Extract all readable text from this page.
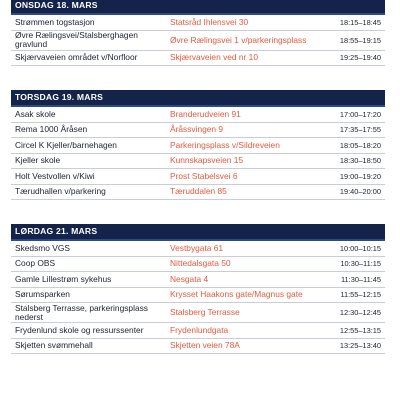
ONSDAG 18. MARS
Strømmen togstasjon	Statsråd Ihlensvei 30	18:15–18:45
Øvre Rælingsvei/Stalsberghagen gravlund	Øvre Rælingsvei 1 v/parkeringsplass	18:55–19:15
Skjærvaveien området v/Norfloor	Skjærvaveien ved nr 10	19:25–19:40
TORSDAG 19. MARS
Asak skole	Branderudveien 91	17:00–17:20
Rema 1000 Åråsen	Åråssvingen 9	17:35–17:55
Circel K Kjeller/barnehagen	Parkeringsplass v/Sildreveien	18:05–18:20
Kjeller skole	Kunnskapsveien 15	18:30–18:50
Holt Vestvollen v/Kiwi	Prost Stabelsvei 6	19:00–19:20
Tærudhallen v/parkering	Tæruddalen 85	19:40–20:00
LØRDAG 21. MARS
Skedsmo VGS	Vestbygata 61	10:00–10:15
Coop OBS	Nittedalsgata 50	10:30–11:15
Gamle Lillestrøm sykehus	Nesgata 4	11:30–11:45
Sørumsparken	Krysset Haakons gate/Magnus gate	11:55–12:15
Stalsberg Terrasse, parkeringsplass nederst	Stalsberg Terrasse	12:30–12:45
Frydenlund skole og ressurssenter	Frydenlundgata	12:55–13:15
Skjetten svømmehall	Skjetten veien 78A	13:25–13:40
